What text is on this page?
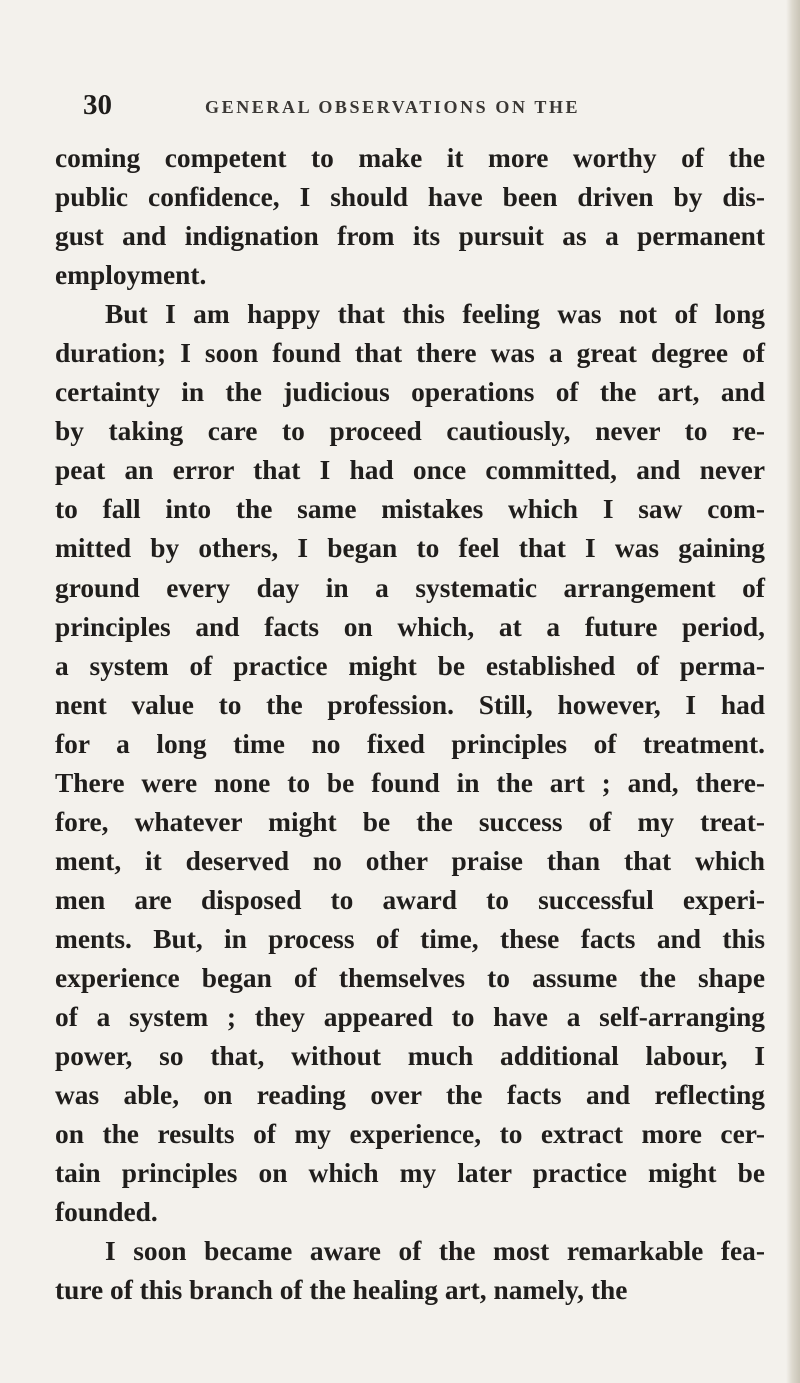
30	GENERAL OBSERVATIONS ON THE
coming competent to make it more worthy of the
public confidence, I should have been driven by dis-
gust and indignation from its pursuit as a permanent
employment.
But I am happy that this feeling was not of long
duration; I soon found that there was a great degree of
certainty in the judicious operations of the art, and
by taking care to proceed cautiously, never to re-
peat an error that I had once committed, and never
to fall into the same mistakes which I saw com-
mitted by others, I began to feel that I was gaining
ground every day in a systematic arrangement of
principles and facts on which, at a future period,
a system of practice might be established of perma-
nent value to the profession. Still, however, I had
for a long time no fixed principles of treatment.
There were none to be found in the art ; and, there-
fore, whatever might be the success of my treat-
ment, it deserved no other praise than that which
men are disposed to award to successful experi-
ments. But, in process of time, these facts and this
experience began of themselves to assume the shape
of a system ; they appeared to have a self-arranging
power, so that, without much additional labour, I
was able, on reading over the facts and reflecting
on the results of my experience, to extract more cer-
tain principles on which my later practice might be
founded.
I soon became aware of the most remarkable fea-
ture of this branch of the healing art, namely, the
